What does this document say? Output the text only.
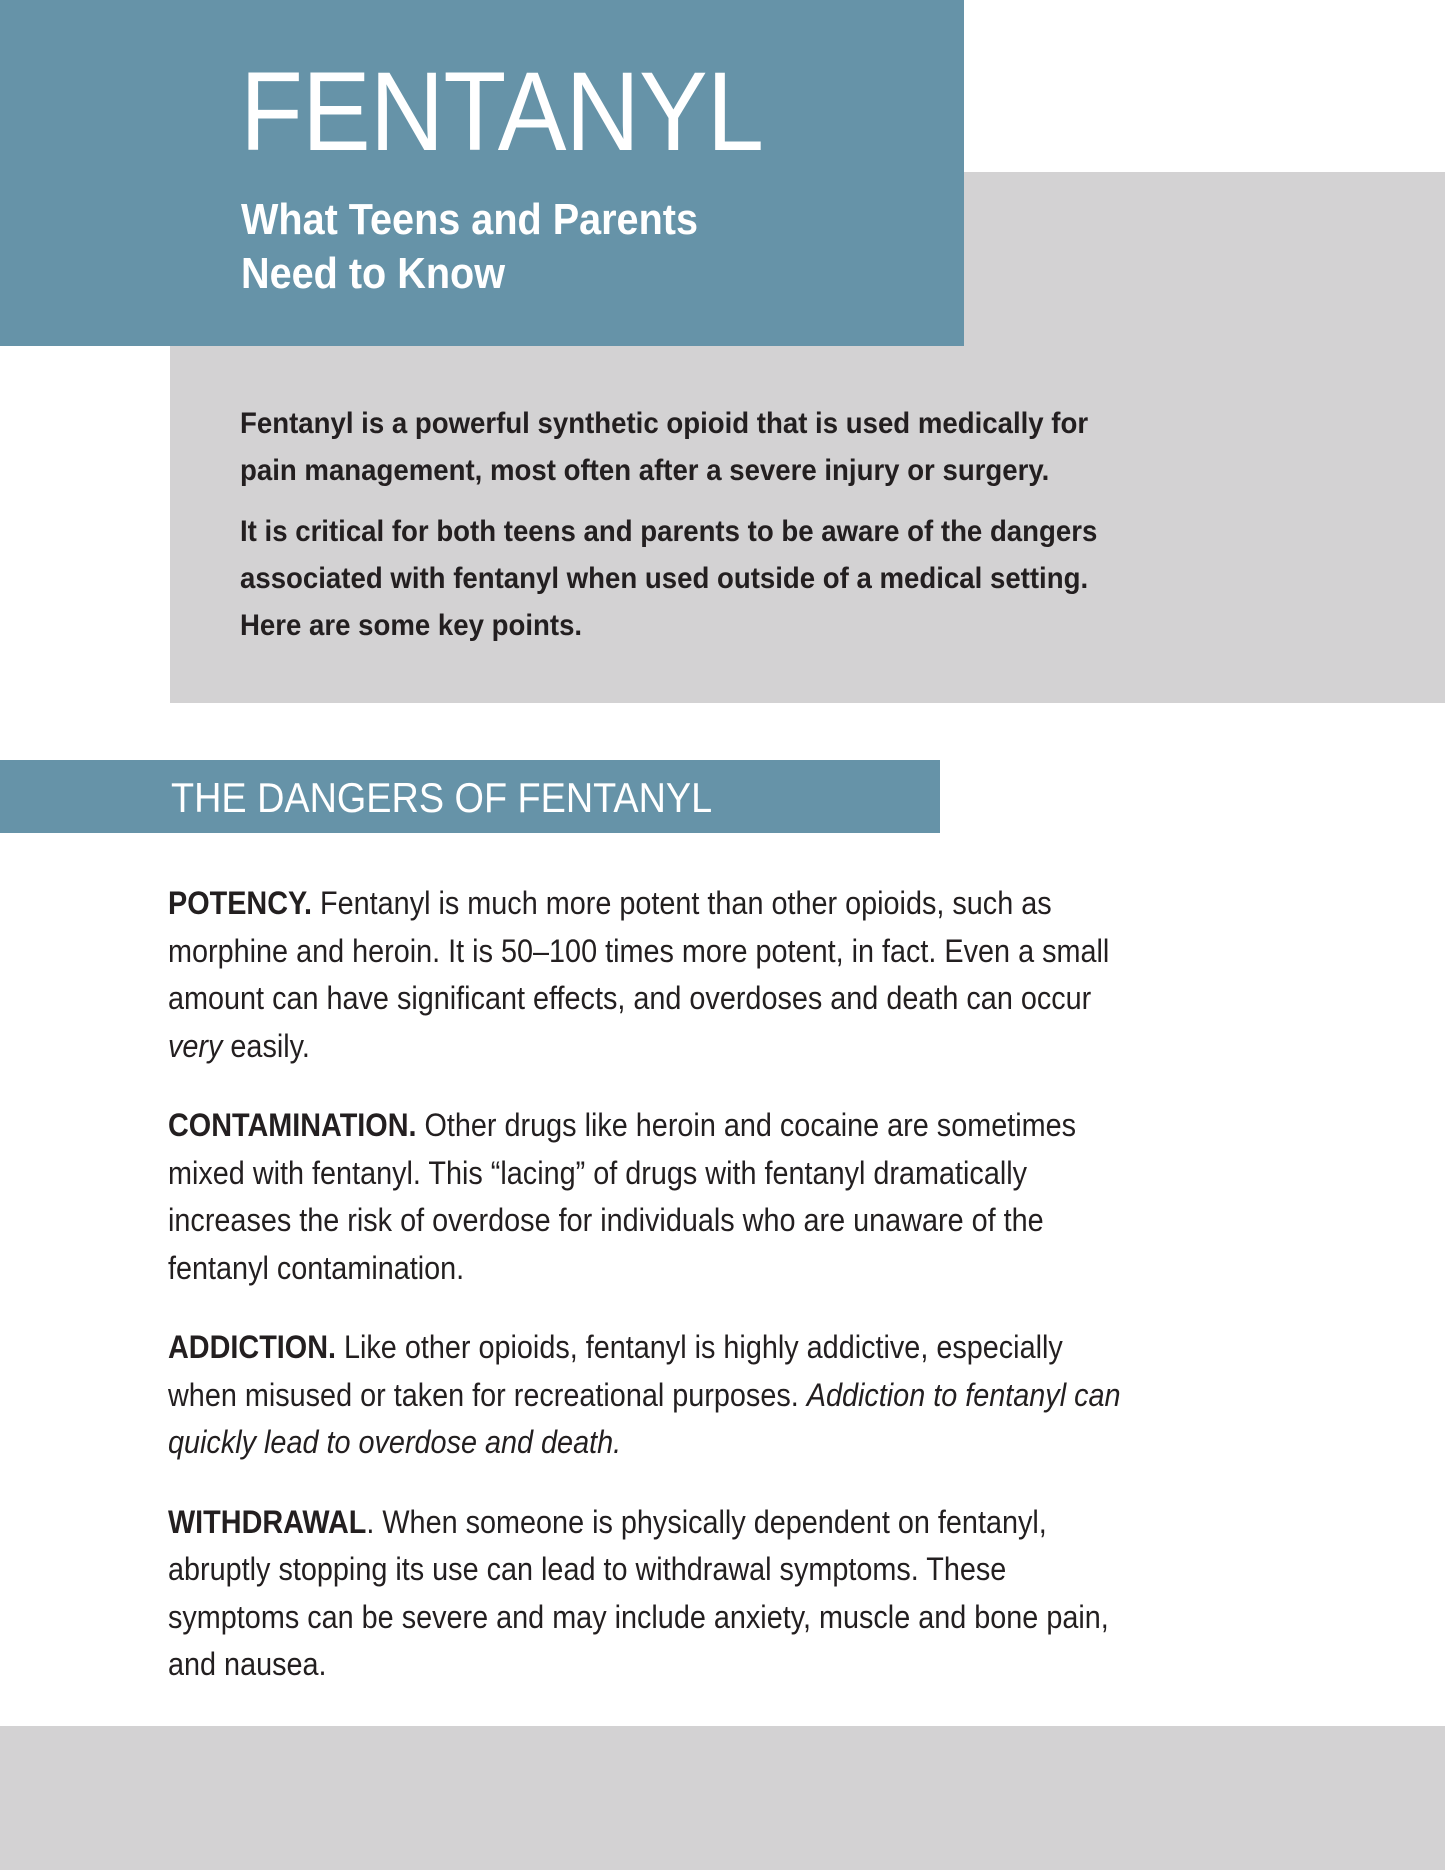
FENTANYL
What Teens and Parents
Need to Know

Fentanyl is a powerful synthetic opioid that is used medically for
pain management, most often after a severe injury or surgery.

It is critical for both teens and parents to be aware of the dangers
associated with fentanyl when used outside of a medical setting.
Here are some key points.

THE DANGERS OF FENTANYL

POTENCY. Fentanyl is much more potent than other opioids, such as
morphine and heroin. It is 50–100 times more potent, in fact. Even a small
amount can have significant effects, and overdoses and death can occur
very easily.

CONTAMINATION. Other drugs like heroin and cocaine are sometimes
mixed with fentanyl. This “lacing” of drugs with fentanyl dramatically
increases the risk of overdose for individuals who are unaware of the
fentanyl contamination.

ADDICTION. Like other opioids, fentanyl is highly addictive, especially
when misused or taken for recreational purposes. Addiction to fentanyl can
quickly lead to overdose and death.

WITHDRAWAL. When someone is physically dependent on fentanyl,
abruptly stopping its use can lead to withdrawal symptoms. These
symptoms can be severe and may include anxiety, muscle and bone pain,
and nausea.
